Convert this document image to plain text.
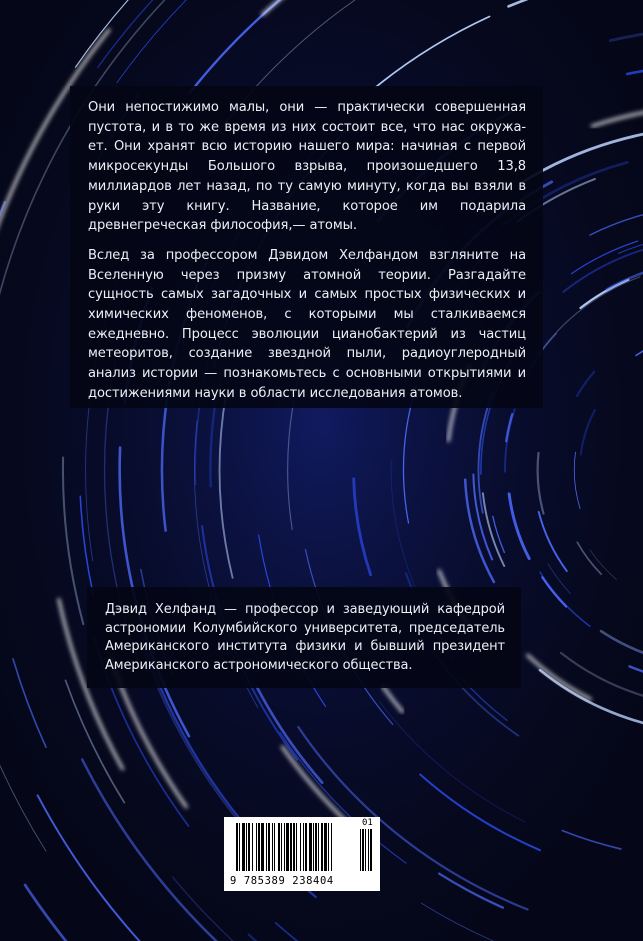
Они непостижимо малы, они — практически совершенная пустота, и в то же время из них состоит все, что нас окружа-ет. Они хранят всю историю нашего мира: начиная с первой микросекунды Большого взрыва, произошедшего 13,8 миллиардов лет назад, по ту самую минуту, когда вы взяли в руки эту книгу. Название, которое им подарила древнегреческая философия,— атомы.

Вслед за профессором Дэвидом Хелфандом взгляните на Вселенную через призму атомной теории. Разгадайте сущность самых загадочных и самых простых физических и химических феноменов, с которыми мы сталкиваемся ежедневно. Процесс эволюции цианобактерий из частиц метеоритов, создание звездной пыли, радиоуглеродный анализ истории — познакомьтесь с основными открытиями и достижениями науки в области исследования атомов.

Дэвид Хелфанд — профессор и заведующий кафедрой астрономии Колумбийского университета, председатель Американского института физики и бывший президент Американского астрономического общества.

9 785389 238404
01
